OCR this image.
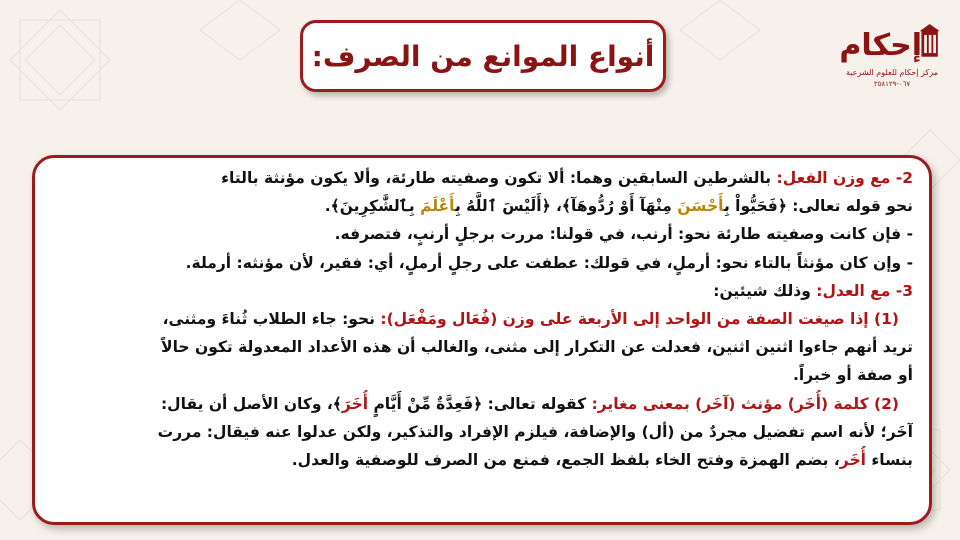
أنواع الموانع من الصرف:	إحكام
مركز إحكام للعلوم الشرعية
٠٦٧-٢٥٨١٢٩
2- مع وزن الفعل: بالشرطين السابقين وهما: ألا تكون وصفيته طارئة، وألا يكون مؤنثة بالتاء
نحو قوله تعالى: ﴿فَحَيُّواْ بِأَحْسَنَ مِنْهَآ أَوْ رُدُّوهَآ﴾، ﴿أَلَيْسَ ٱللَّهُ بِأَعْلَمَ بِٱلشَّٰكِرِينَ﴾.
- فإن كانت وصفيته طارئة نحو: أرنب، في قولنا: مررت برجلٍ أرنبٍ، فتصرفه.
- وإن كان مؤنثاً بالتاء نحو: أرملٍ، في قولك: عطفت على رجلٍ أرملٍ، أي: فقير، لأن مؤنثه: أرملة.
3- مع العدل: وذلك شيئين:
(1) إذا صيغت الصفة من الواحد إلى الأربعة على وزن (فُعَال ومَفْعَل): نحو: جاء الطلاب ثُناءَ ومثنى،
تريد أنهم جاءوا اثنين اثنين، فعدلت عن التكرار إلى مثنى، والغالب أن هذه الأعداد المعدولة تكون حالاً
أو صفة أو خبراً.
(2) كلمة (أُخَر) مؤنث (آخَر) بمعنى مغاير: كقوله تعالى: ﴿فَعِدَّةٌ مِّنْ أَيَّامٍ أُخَرَ﴾، وكان الأصل أن يقال:
آخَر؛ لأنه اسم تفضيل مجردٌ من (أل) والإضافة، فيلزم الإفراد والتذكير، ولكن عدلوا عنه فيقال: مررت
بنساء أُخَر، بضم الهمزة وفتح الخاء بلفظ الجمع، فمنع من الصرف للوصفية والعدل.
